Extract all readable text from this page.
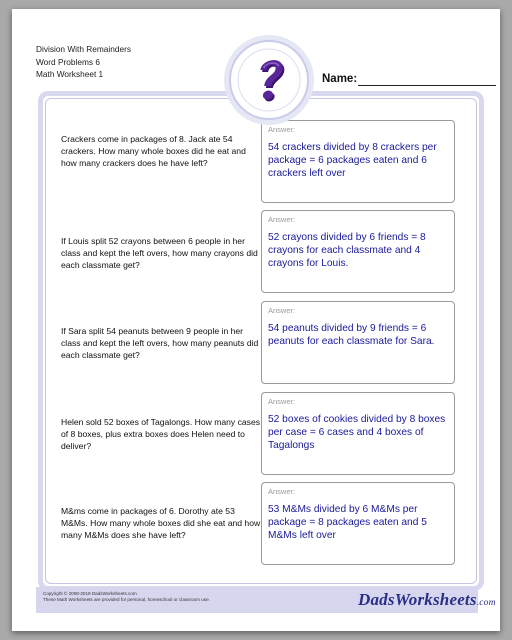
Division With Remainders
Word Problems 6
Math Worksheet 1	Name:
Crackers come in packages of 8. Jack ate 54 crackers. How many whole boxes did he eat and how many crackers does he have left?
Answer:
54 crackers divided by 8 crackers per package = 6 packages eaten and 6 crackers left over
If Louis split 52 crayons between 6 people in her class and kept the left overs, how many crayons did each classmate get?
Answer:
52 crayons divided by 6 friends = 8 crayons for each classmate and 4 crayons for Louis.
If Sara split 54 peanuts between 9 people in her class and kept the left overs, how many peanuts did each classmate get?
Answer:
54 peanuts divided by 9 friends = 6 peanuts for each classmate for Sara.
Helen sold 52 boxes of Tagalongs. How many cases of 8 boxes, plus extra boxes does Helen need to deliver?
Answer:
52 boxes of cookies divided by 8 boxes per case = 6 cases and 4 boxes of Tagalongs
M&ms come in packages of 6. Dorothy ate 53 M&Ms. How many whole boxes did she eat and how many M&Ms does she have left?
Answer:
53 M&Ms divided by 6 M&Ms per package = 8 packages eaten and 5 M&Ms left over
Copyright © 2008-2019 DadsWorksheets.com
These Math Worksheets are provided for personal, homeschool or classroom use.	DadsWorksheets.com
